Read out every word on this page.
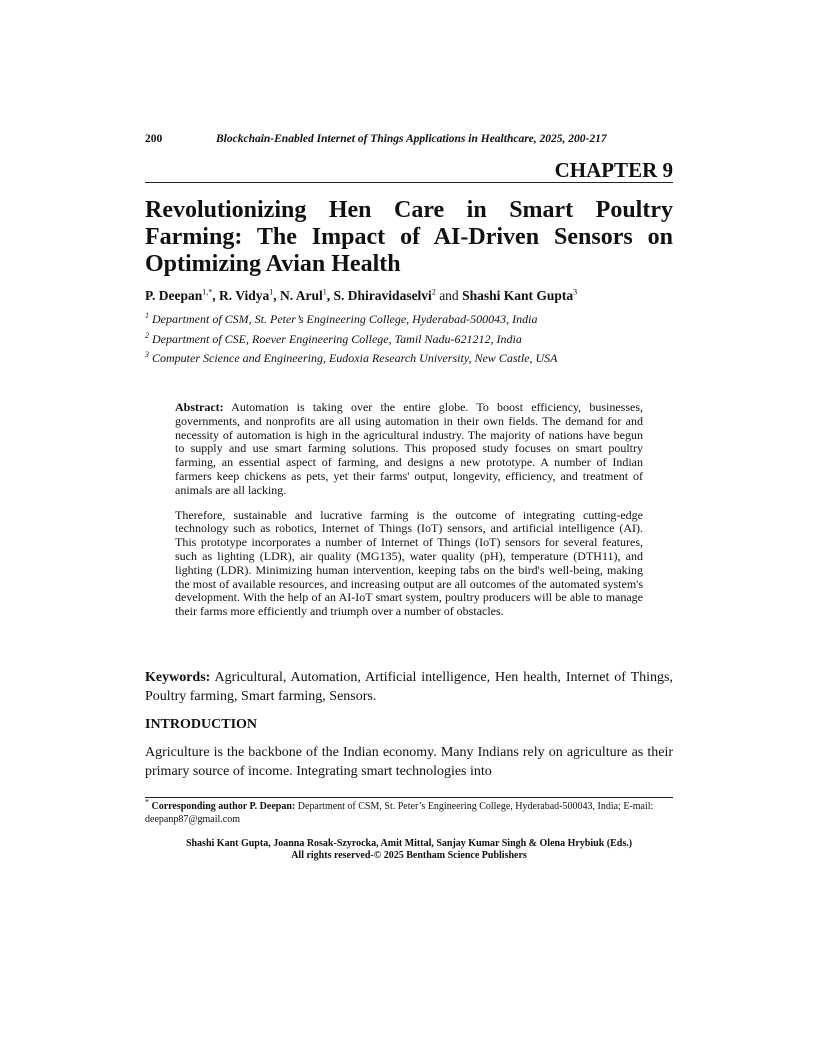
200	Blockchain-Enabled Internet of Things Applications in Healthcare, 2025, 200-217
CHAPTER 9
Revolutionizing Hen Care in Smart Poultry Farming: The Impact of AI-Driven Sensors on Optimizing Avian Health
P. Deepan$^{1,*}$, R. Vidya$^1$, N. Arul$^1$, S. Dhiravidaselvi$^2$ and Shashi Kant Gupta$^3$
$^1$ Department of CSM, St. Peter’s Engineering College, Hyderabad-500043, India
$^2$ Department of CSE, Roever Engineering College, Tamil Nadu-621212, India
$^3$ Computer Science and Engineering, Eudoxia Research University, New Castle, USA

Abstract: Automation is taking over the entire globe. To boost efficiency, businesses, governments, and nonprofits are all using automation in their own fields. The demand for and necessity of automation is high in the agricultural industry. The majority of nations have begun to supply and use smart farming solutions. This proposed study focuses on smart poultry farming, an essential aspect of farming, and designs a new prototype. A number of Indian farmers keep chickens as pets, yet their farms' output, longevity, efficiency, and treatment of animals are all lacking.

Therefore, sustainable and lucrative farming is the outcome of integrating cutting-edge technology such as robotics, Internet of Things (IoT) sensors, and artificial intelligence (AI). This prototype incorporates a number of Internet of Things (IoT) sensors for several features, such as lighting (LDR), air quality (MG135), water quality (pH), temperature (DTH11), and lighting (LDR). Minimizing human intervention, keeping tabs on the bird's well-being, making the most of available resources, and increasing output are all outcomes of the automated system's development. With the help of an AI-IoT smart system, poultry producers will be able to manage their farms more efficiently and triumph over a number of obstacles.

Keywords: Agricultural, Automation, Artificial intelligence, Hen health, Internet of Things, Poultry farming, Smart farming, Sensors.
INTRODUCTION
Agriculture is the backbone of the Indian economy. Many Indians rely on agriculture as their primary source of income. Integrating smart technologies into
* Corresponding author P. Deepan: Department of CSM, St. Peter’s Engineering College, Hyderabad-500043, India; E-mail: deepanp87@gmail.com
Shashi Kant Gupta, Joanna Rosak-Szyrocka, Amit Mittal, Sanjay Kumar Singh & Olena Hrybiuk (Eds.)
All rights reserved-© 2025 Bentham Science Publishers
